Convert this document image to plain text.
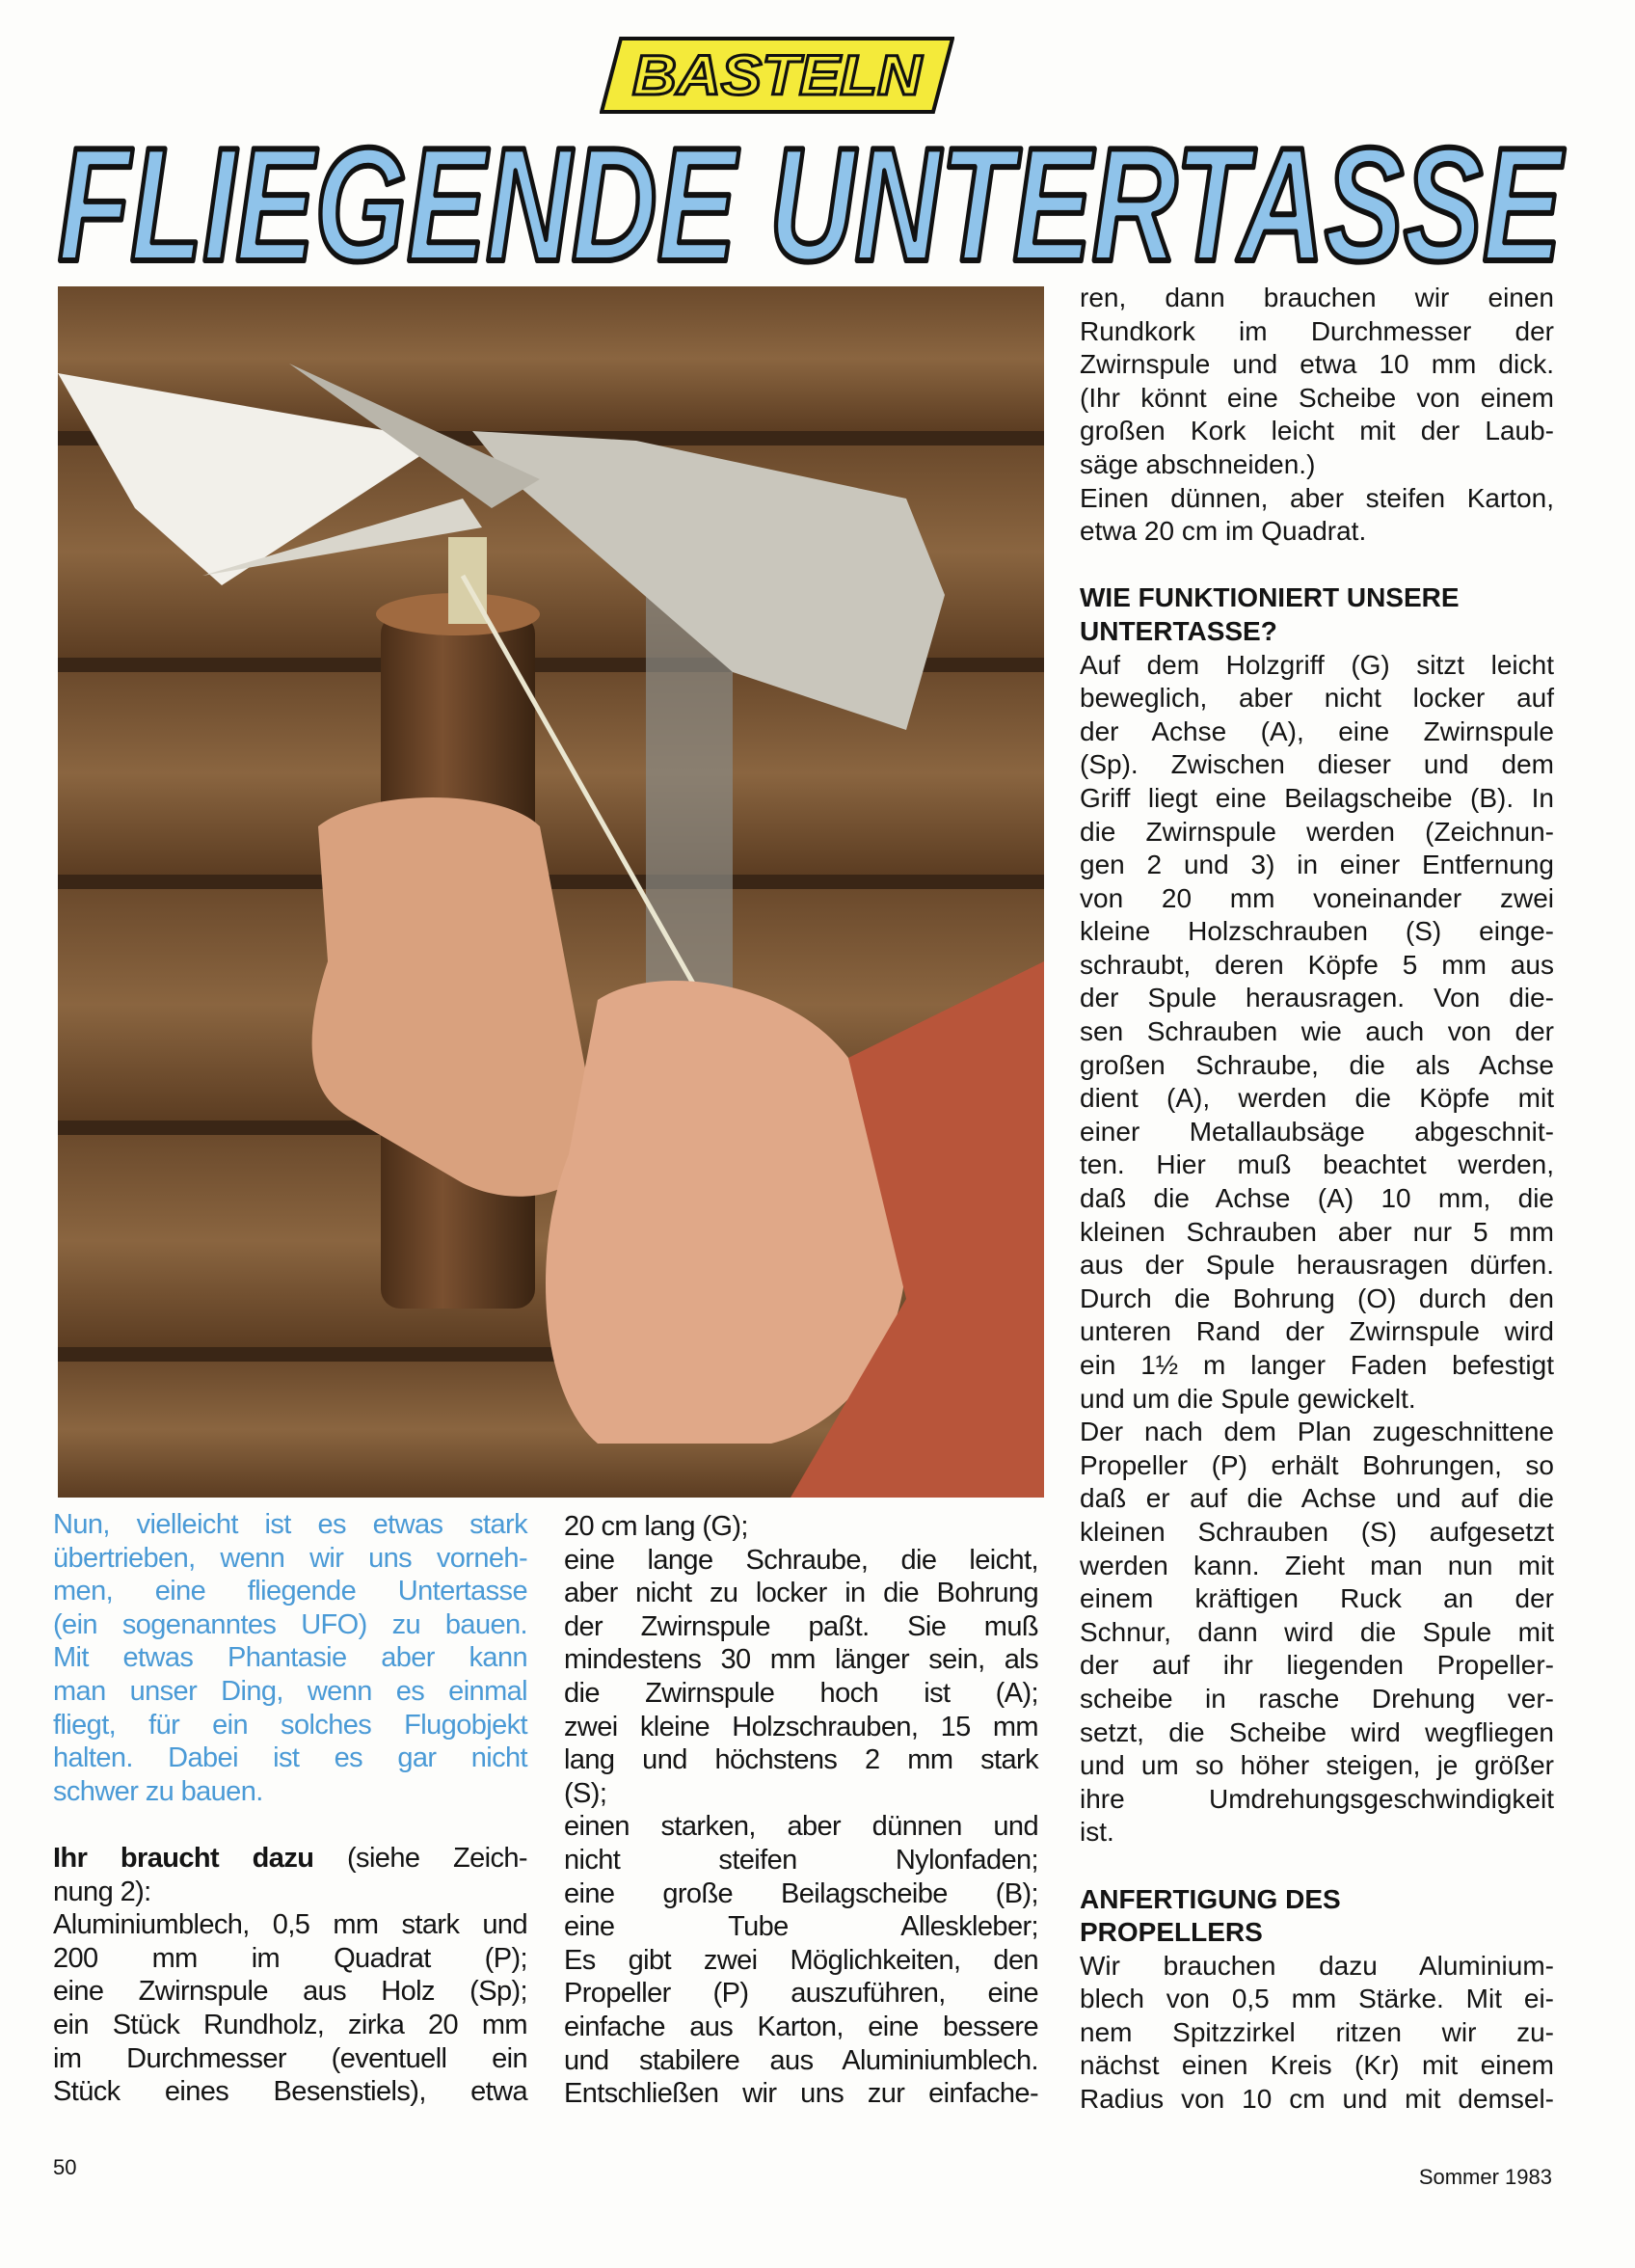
BASTELN
FLIEGENDE UNTERTASSE
Nun, vielleicht ist es etwas stark
übertrieben, wenn wir uns vorneh-
men, eine fliegende Untertasse
(ein sogenanntes UFO) zu bauen.
Mit etwas Phantasie aber kann
man unser Ding, wenn es einmal
fliegt, für ein solches Flugobjekt
halten. Dabei ist es gar nicht
schwer zu bauen.
Ihr braucht dazu (siehe Zeich-
nung 2):
Aluminiumblech, 0,5 mm stark und
200 mm im Quadrat (P);
eine Zwirnspule aus Holz (Sp);
ein Stück Rundholz, zirka 20 mm
im Durchmesser (eventuell ein
Stück eines Besenstiels), etwa
20 cm lang (G);
eine lange Schraube, die leicht,
aber nicht zu locker in die Bohrung
der Zwirnspule paßt. Sie muß
mindestens 30 mm länger sein, als
die Zwirnspule hoch ist (A);
zwei kleine Holzschrauben, 15 mm
lang und höchstens 2 mm stark
(S);
einen starken, aber dünnen und
nicht steifen Nylonfaden;
eine große Beilagscheibe (B);
eine Tube Alleskleber;
Es gibt zwei Möglichkeiten, den
Propeller (P) auszuführen, eine
einfache aus Karton, eine bessere
und stabilere aus Aluminiumblech.
Entschließen wir uns zur einfache-
ren, dann brauchen wir einen
Rundkork im Durchmesser der
Zwirnspule und etwa 10 mm dick.
(Ihr könnt eine Scheibe von einem
großen Kork leicht mit der Laub-
säge abschneiden.)
Einen dünnen, aber steifen Karton,
etwa 20 cm im Quadrat.
WIE FUNKTIONIERT UNSERE
UNTERTASSE?
Auf dem Holzgriff (G) sitzt leicht
beweglich, aber nicht locker auf
der Achse (A), eine Zwirnspule
(Sp). Zwischen dieser und dem
Griff liegt eine Beilagscheibe (B). In
die Zwirnspule werden (Zeichnun-
gen 2 und 3) in einer Entfernung
von 20 mm voneinander zwei
kleine Holzschrauben (S) einge-
schraubt, deren Köpfe 5 mm aus
der Spule herausragen. Von die-
sen Schrauben wie auch von der
großen Schraube, die als Achse
dient (A), werden die Köpfe mit
einer Metallaubsäge abgeschnit-
ten. Hier muß beachtet werden,
daß die Achse (A) 10 mm, die
kleinen Schrauben aber nur 5 mm
aus der Spule herausragen dürfen.
Durch die Bohrung (O) durch den
unteren Rand der Zwirnspule wird
ein 1½ m langer Faden befestigt
und um die Spule gewickelt.
Der nach dem Plan zugeschnittene
Propeller (P) erhält Bohrungen, so
daß er auf die Achse und auf die
kleinen Schrauben (S) aufgesetzt
werden kann. Zieht man nun mit
einem kräftigen Ruck an der
Schnur, dann wird die Spule mit
der auf ihr liegenden Propeller-
scheibe in rasche Drehung ver-
setzt, die Scheibe wird wegfliegen
und um so höher steigen, je größer
ihre Umdrehungsgeschwindigkeit
ist.
ANFERTIGUNG DES
PROPELLERS
Wir brauchen dazu Aluminium-
blech von 0,5 mm Stärke. Mit ei-
nem Spitzzirkel ritzen wir zu-
nächst einen Kreis (Kr) mit einem
Radius von 10 cm und mit demsel-
50	Sommer 1983
